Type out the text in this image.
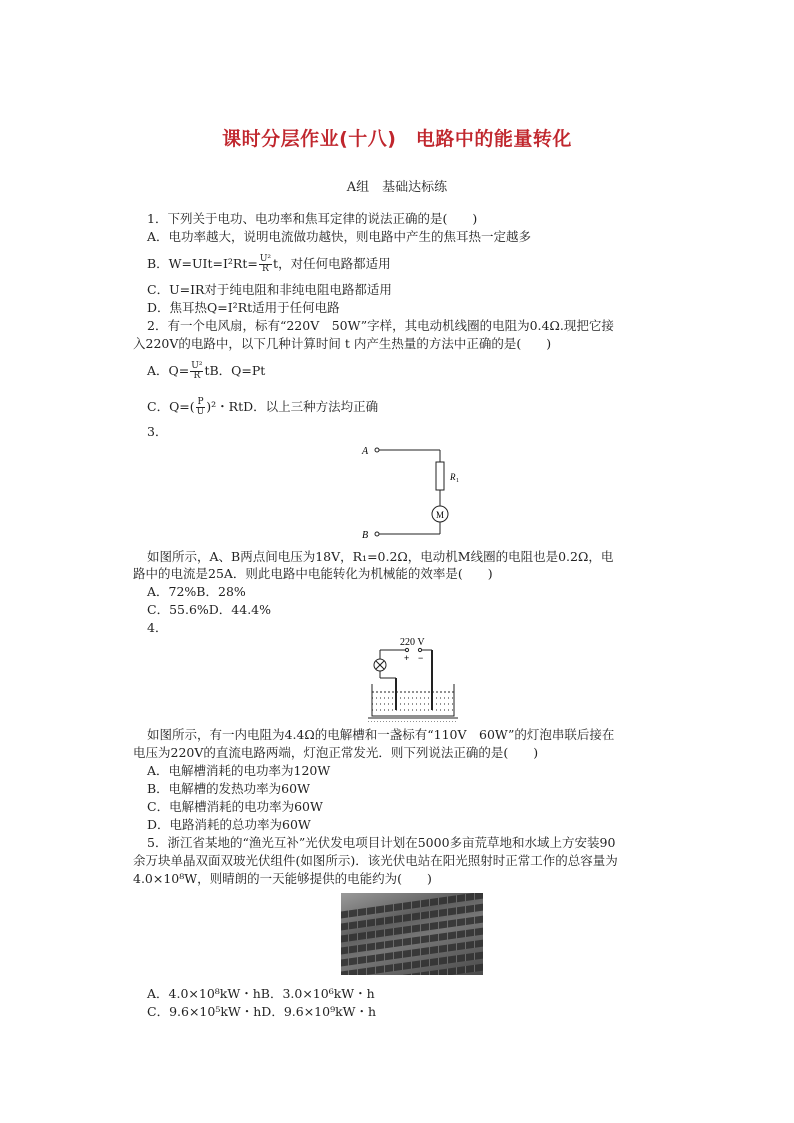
课时分层作业(十八)　电路中的能量转化
A组　基础达标练
1．下列关于电功、电功率和焦耳定律的说法正确的是(　　)
A．电功率越大，说明电流做功越快，则电路中产生的焦耳热一定越多
B．$W=UIt=I^2Rt= \frac{\text{U²}}{R}$ t，对任何电路都适用
C．U=IR对于纯电阻和非纯电阻电路都适用
D．焦耳热Q=I²Rt适用于任何电路
2．有一个电风扇，标有“220V　50W”字样，其电动机线圈的电阻为0.4Ω.现把它接
入220V的电路中，以下几种计算时间 t 内产生热量的方法中正确的是(　　)
A．$Q= \frac{\text{U²}}{R}$ tB．Q=Pt
C．$Q=( \frac{P}{U} )^2$・RtD．以上三种方法均正确
3．
A
R 1
M
B
如图所示，A、B两点间电压为18V，R₁=0.2Ω，电动机M线圈的电阻也是0.2Ω，电
路中的电流是25A．则此电路中电能转化为机械能的效率是(　　)
A．72%B．28%
C．55.6%D．44.4%
4．
220 V
+ −
如图所示，有一内电阻为4.4Ω的电解槽和一盏标有“110V　60W”的灯泡串联后接在
电压为220V的直流电路两端，灯泡正常发光．则下列说法正确的是(　　)
A．电解槽消耗的电功率为120W
B．电解槽的发热功率为60W
C．电解槽消耗的电功率为60W
D．电路消耗的总功率为60W
5．浙江省某地的“渔光互补”光伏发电项目计划在5000多亩荒草地和水域上方安装90
余万块单晶双面双玻光伏组件(如图所示)．该光伏电站在阳光照射时正常工作的总容量为
4.0×10⁸W，则晴朗的一天能够提供的电能约为(　　)
A．4.0×10⁸kW・hB．3.0×10⁶kW・h
C．9.6×10⁵kW・hD．9.6×10⁹kW・h
